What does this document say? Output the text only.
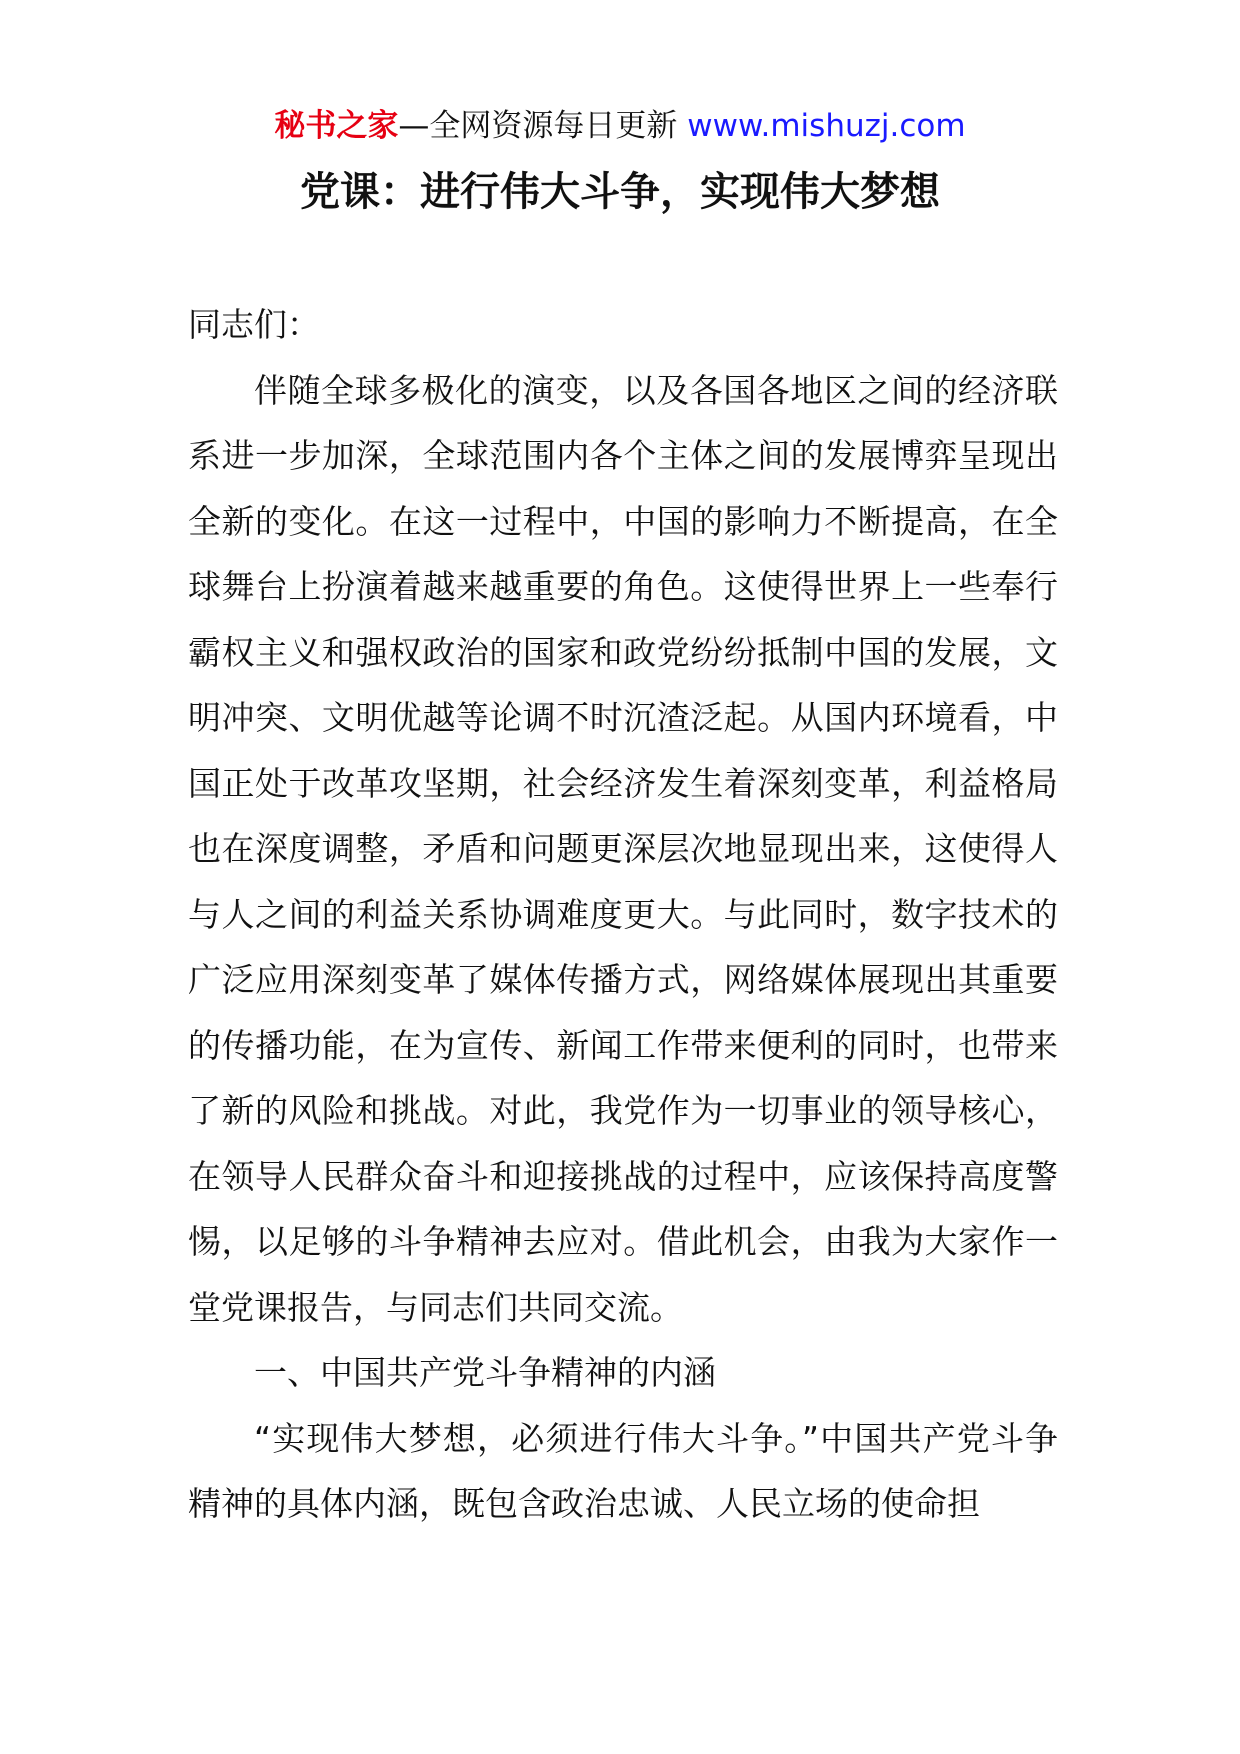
秘书之家—全网资源每日更新 www.mishuzj.com
党课：进行伟大斗争，实现伟大梦想

同志们：

伴随全球多极化的演变，以及各国各地区之间的经济联系进一步加深，全球范围内各个主体之间的发展博弈呈现出全新的变化。在这一过程中，中国的影响力不断提高，在全球舞台上扮演着越来越重要的角色。这使得世界上一些奉行霸权主义和强权政治的国家和政党纷纷抵制中国的发展，文明冲突、文明优越等论调不时沉渣泛起。从国内环境看，中国正处于改革攻坚期，社会经济发生着深刻变革，利益格局也在深度调整，矛盾和问题更深层次地显现出来，这使得人与人之间的利益关系协调难度更大。与此同时，数字技术的广泛应用深刻变革了媒体传播方式，网络媒体展现出其重要的传播功能，在为宣传、新闻工作带来便利的同时，也带来了新的风险和挑战。对此，我党作为一切事业的领导核心，在领导人民群众奋斗和迎接挑战的过程中，应该保持高度警惕，以足够的斗争精神去应对。借此机会，由我为大家作一堂党课报告，与同志们共同交流。

一、中国共产党斗争精神的内涵

“实现伟大梦想，必须进行伟大斗争。”中国共产党斗争精神的具体内涵，既包含政治忠诚、人民立场的使命担
